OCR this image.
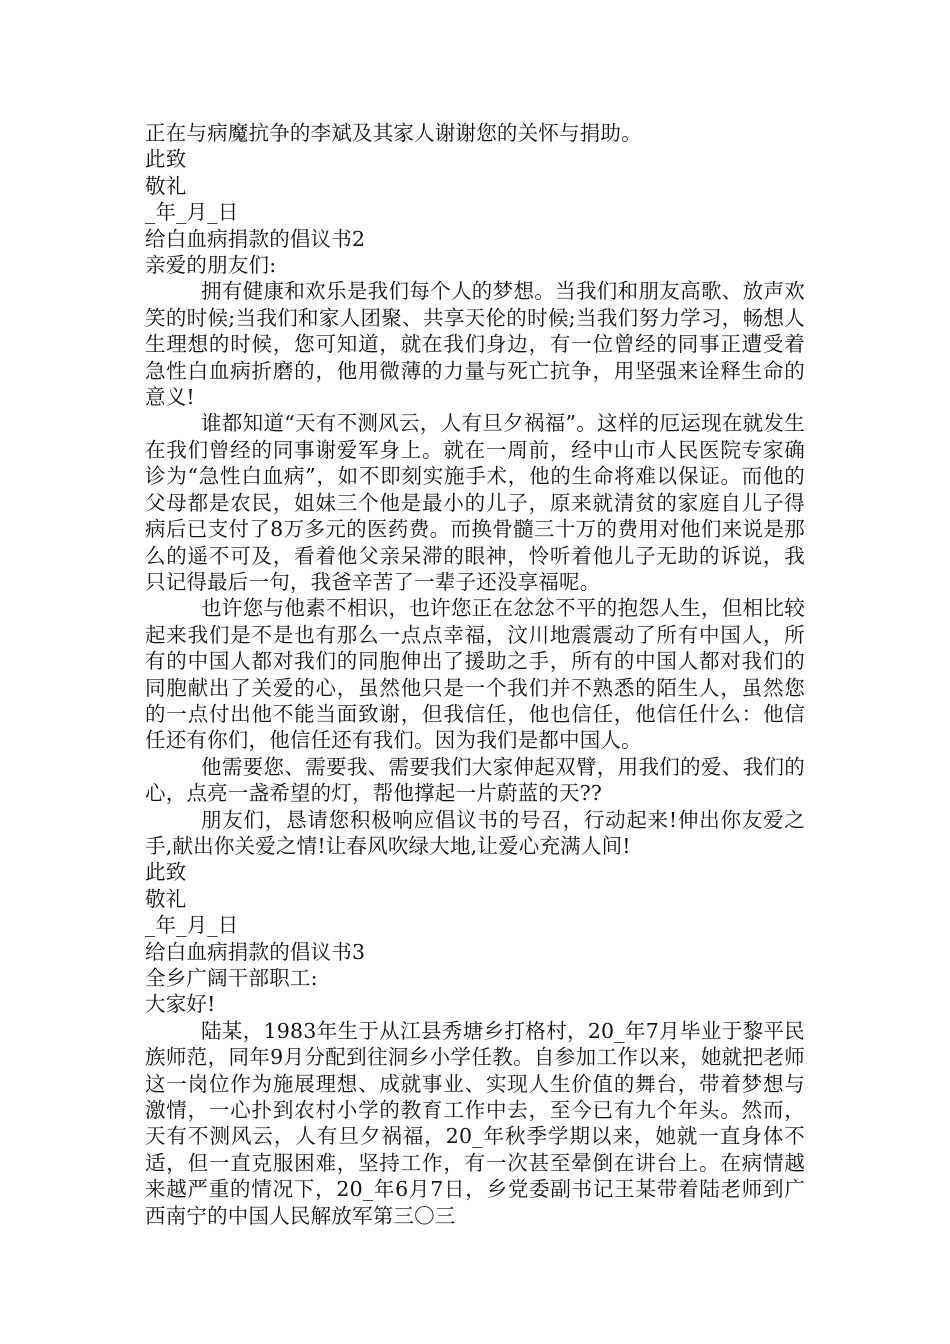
正在与病魔抗争的李斌及其家人谢谢您的关怀与捐助。

此致

敬礼

_年_月_日

给白血病捐款的倡议书2

亲爱的朋友们:

拥有健康和欢乐是我们每个人的梦想。当我们和朋友高歌、放声欢笑的时候;当我们和家人团聚、共享天伦的时候;当我们努力学习，畅想人生理想的时候，您可知道，就在我们身边，有一位曾经的同事正遭受着急性白血病折磨的，他用微薄的力量与死亡抗争，用坚强来诠释生命的意义!

谁都知道“天有不测风云，人有旦夕祸福”。这样的厄运现在就发生在我们曾经的同事谢爱军身上。就在一周前，经中山市人民医院专家确诊为“急性白血病”，如不即刻实施手术，他的生命将难以保证。而他的父母都是农民，姐妹三个他是最小的儿子，原来就清贫的家庭自儿子得病后已支付了8万多元的医药费。而换骨髓三十万的费用对他们来说是那么的遥不可及，看着他父亲呆滞的眼神，怜听着他儿子无助的诉说，我只记得最后一句，我爸辛苦了一辈子还没享福呢。

也许您与他素不相识，也许您正在忿忿不平的抱怨人生，但相比较起来我们是不是也有那么一点点幸福，汶川地震震动了所有中国人，所有的中国人都对我们的同胞伸出了援助之手，所有的中国人都对我们的同胞献出了关爱的心，虽然他只是一个我们并不熟悉的陌生人，虽然您的一点付出他不能当面致谢，但我信任，他也信任，他信任什么：他信任还有你们，他信任还有我们。因为我们是都中国人。

他需要您、需要我、需要我们大家伸起双臂，用我们的爱、我们的心，点亮一盏希望的灯，帮他撑起一片蔚蓝的天??

朋友们，恳请您积极响应倡议书的号召，行动起来!伸出你友爱之手,献出你关爱之情!让春风吹绿大地,让爱心充满人间!

此致

敬礼

_年_月_日

给白血病捐款的倡议书3

全乡广阔干部职工:

大家好!

陆某，1983年生于从江县秀塘乡打格村，20_年7月毕业于黎平民族师范，同年9月分配到往洞乡小学任教。自参加工作以来，她就把老师这一岗位作为施展理想、成就事业、实现人生价值的舞台，带着梦想与激情，一心扑到农村小学的教育工作中去，至今已有九个年头。然而，天有不测风云，人有旦夕祸福，20_年秋季学期以来，她就一直身体不适，但一直克服困难，坚持工作，有一次甚至晕倒在讲台上。在病情越来越严重的情况下，20_年6月7日，乡党委副书记王某带着陆老师到广西南宁的中国人民解放军第三〇三
